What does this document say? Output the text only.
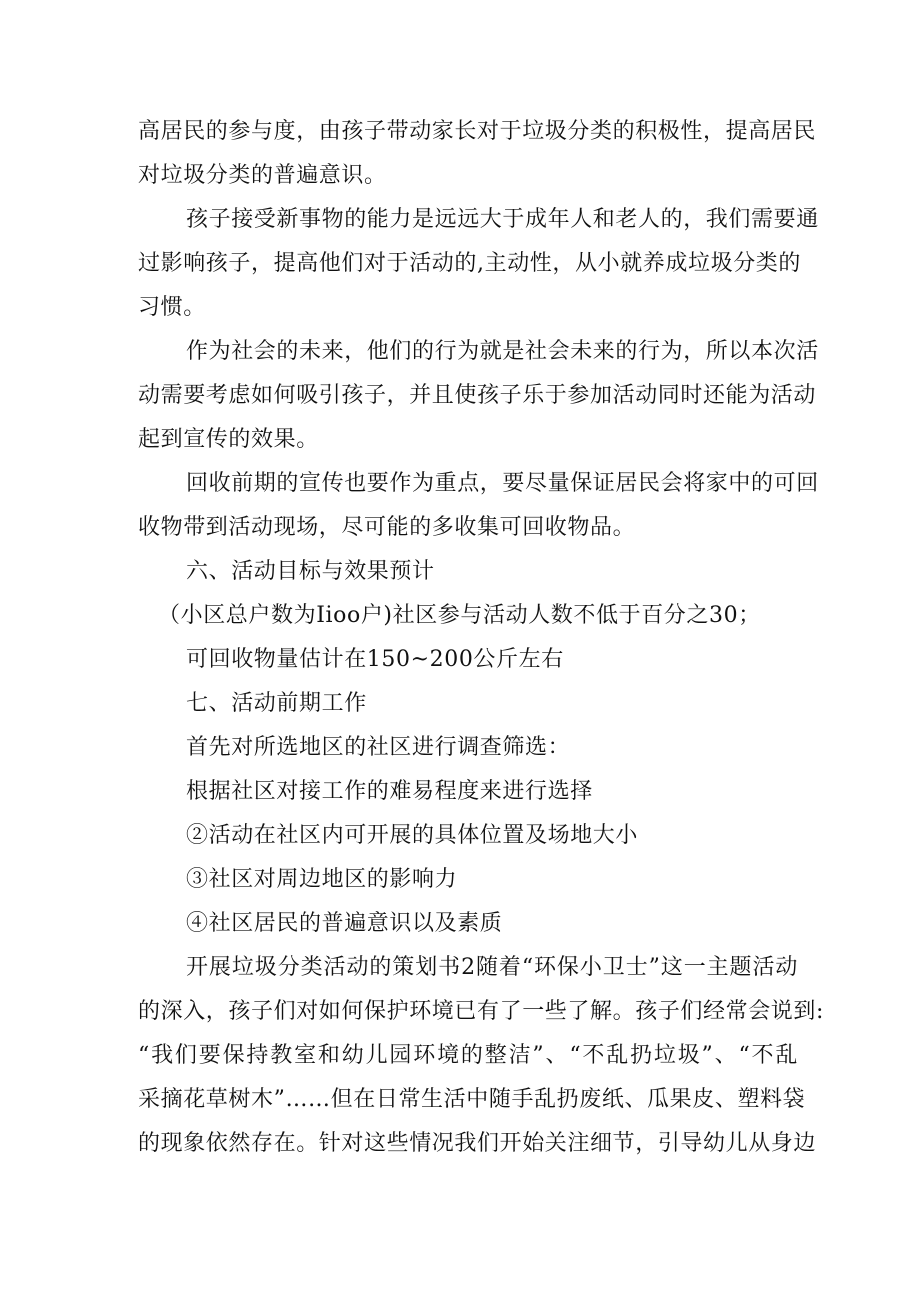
高居民的参与度，由孩子带动家长对于垃圾分类的积极性，提高居民
对垃圾分类的普遍意识。
孩子接受新事物的能力是远远大于成年人和老人的，我们需要通
过影响孩子，提高他们对于活动的,主动性，从小就养成垃圾分类的
习惯。
作为社会的未来，他们的行为就是社会未来的行为，所以本次活
动需要考虑如何吸引孩子，并且使孩子乐于参加活动同时还能为活动
起到宣传的效果。
回收前期的宣传也要作为重点，要尽量保证居民会将家中的可回
收物带到活动现场，尽可能的多收集可回收物品。
六、活动目标与效果预计
（小区总户数为Iioo户)社区参与活动人数不低于百分之30；
可回收物量估计在150~200公斤左右
七、活动前期工作
首先对所选地区的社区进行调查筛选：
根据社区对接工作的难易程度来进行选择
②活动在社区内可开展的具体位置及场地大小
③社区对周边地区的影响力
④社区居民的普遍意识以及素质
开展垃圾分类活动的策划书2随着“环保小卫士”这一主题活动
的深入，孩子们对如何保护环境已有了一些了解。孩子们经常会说到:
“我们要保持教室和幼儿园环境的整洁”、“不乱扔垃圾”、“不乱
采摘花草树木”……但在日常生活中随手乱扔废纸、瓜果皮、塑料袋
的现象依然存在。针对这些情况我们开始关注细节，引导幼儿从身边
